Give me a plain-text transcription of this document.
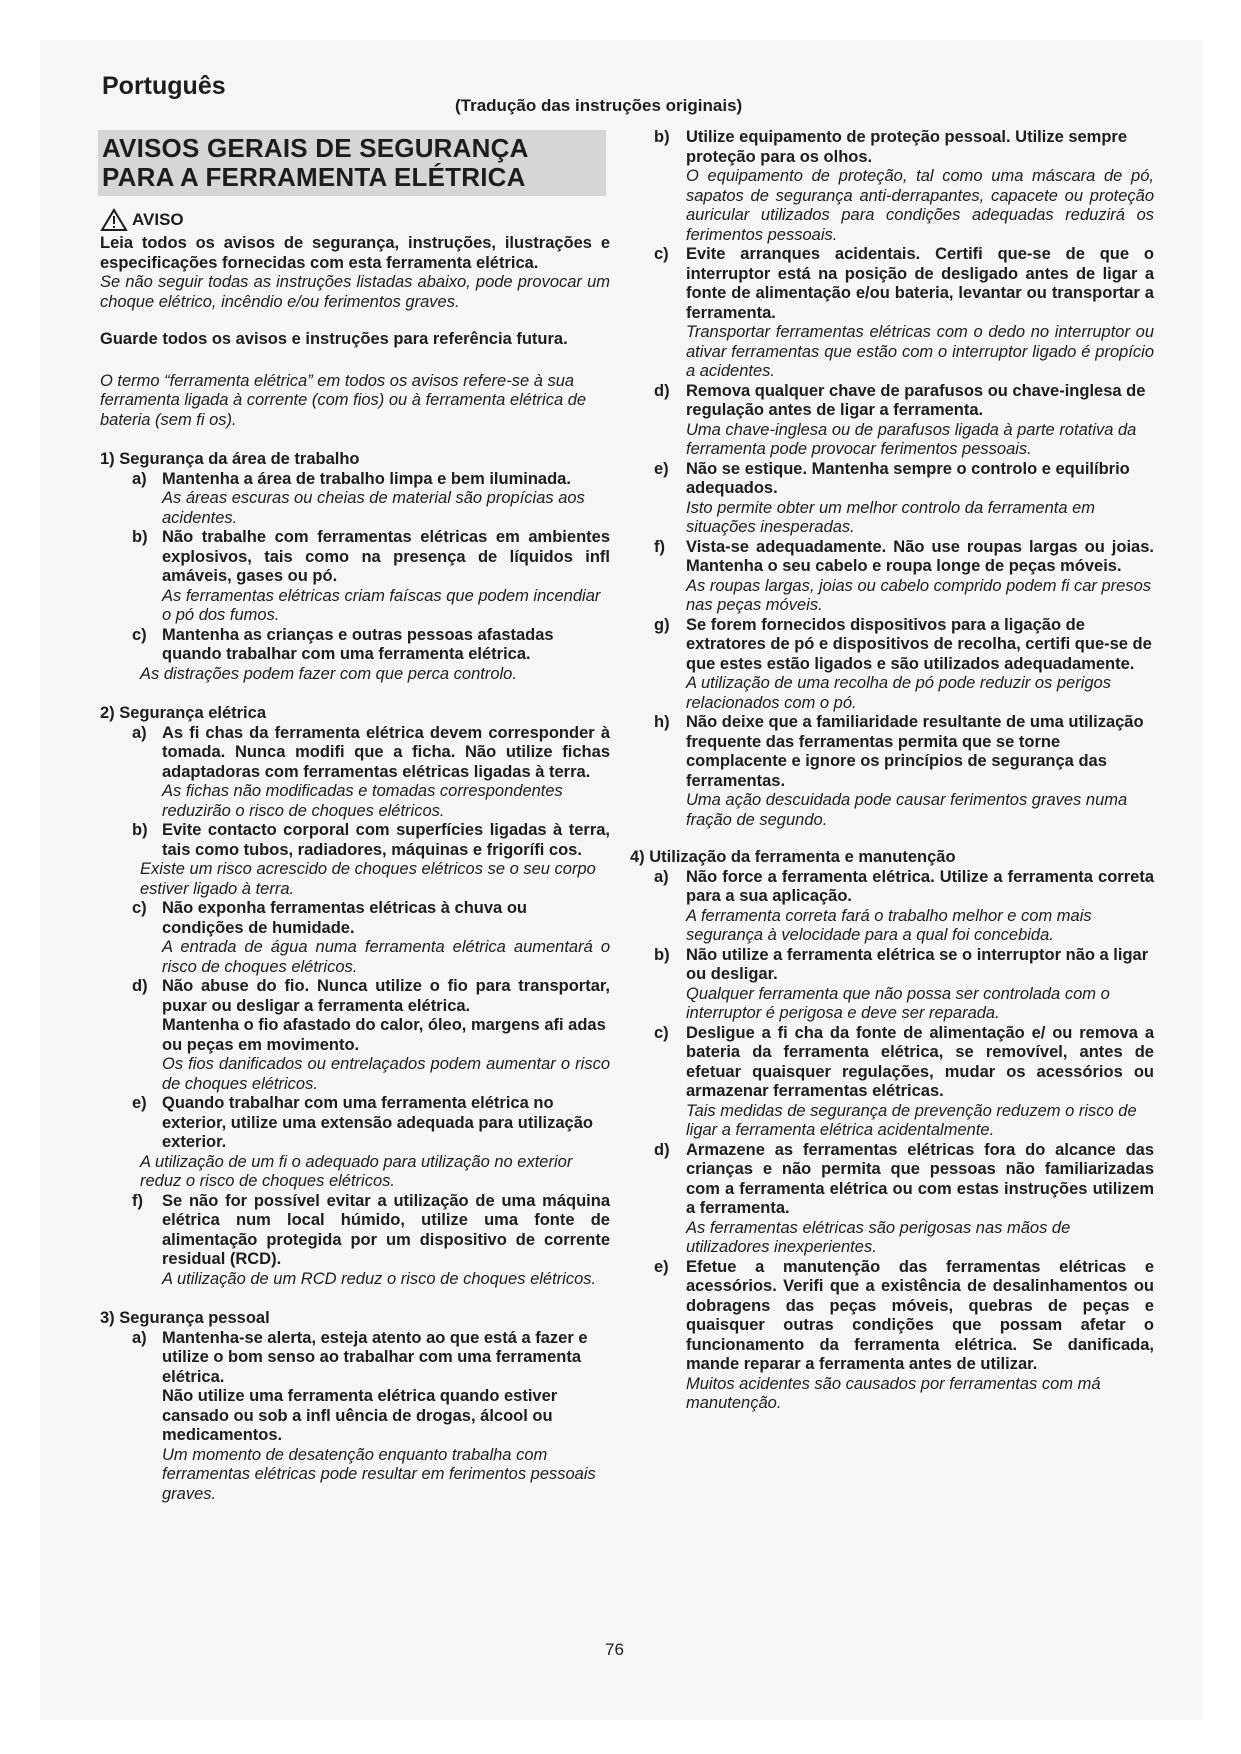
Português

(Tradução das instruções originais)

AVISOS GERAIS DE SEGURANÇA
PARA A FERRAMENTA ELÉTRICA
AVISO

Leia todos os avisos de segurança, instruções, ilustrações e especificações fornecidas com esta ferramenta elétrica.

Se não seguir todas as instruções listadas abaixo, pode provocar um choque elétrico, incêndio e/ou ferimentos graves.

Guarde todos os avisos e instruções para referência futura.

O termo “ferramenta elétrica” em todos os avisos refere-se à sua ferramenta ligada à corrente (com fios) ou à ferramenta elétrica de bateria (sem fi os).

1) Segurança da área de trabalho

a) Mantenha a área de trabalho limpa e bem iluminada.

As áreas escuras ou cheias de material são propícias aos acidentes.

b) Não trabalhe com ferramentas elétricas em ambientes explosivos, tais como na presença de líquidos infl amáveis, gases ou pó.

As ferramentas elétricas criam faíscas que podem incendiar o pó dos fumos.

c) Mantenha as crianças e outras pessoas afastadas quando trabalhar com uma ferramenta elétrica.

As distrações podem fazer com que perca controlo.

2) Segurança elétrica

a) As fi chas da ferramenta elétrica devem corresponder à tomada. Nunca modifi que a ficha. Não utilize fichas adaptadoras com ferramentas elétricas ligadas à terra.

As fichas não modificadas e tomadas correspondentes reduzirão o risco de choques elétricos.

b) Evite contacto corporal com superfícies ligadas à terra, tais como tubos, radiadores, máquinas e frigorífi cos.

Existe um risco acrescido de choques elétricos se o seu corpo estiver ligado à terra.

c) Não exponha ferramentas elétricas à chuva ou condições de humidade.

A entrada de água numa ferramenta elétrica aumentará o risco de choques elétricos.

d) Não abuse do fio. Nunca utilize o fio para transportar, puxar ou desligar a ferramenta elétrica.

Mantenha o fio afastado do calor, óleo, margens afi adas ou peças em movimento.

Os fios danificados ou entrelaçados podem aumentar o risco de choques elétricos.

e) Quando trabalhar com uma ferramenta elétrica no exterior, utilize uma extensão adequada para utilização exterior.

A utilização de um fi o adequado para utilização no exterior reduz o risco de choques elétricos.

f) Se não for possível evitar a utilização de uma máquina elétrica num local húmido, utilize uma fonte de alimentação protegida por um dispositivo de corrente residual (RCD).

A utilização de um RCD reduz o risco de choques elétricos.

3) Segurança pessoal

a) Mantenha-se alerta, esteja atento ao que está a fazer e utilize o bom senso ao trabalhar com uma ferramenta elétrica.

Não utilize uma ferramenta elétrica quando estiver cansado ou sob a infl uência de drogas, álcool ou medicamentos.

Um momento de desatenção enquanto trabalha com ferramentas elétricas pode resultar em ferimentos pessoais graves.

b) Utilize equipamento de proteção pessoal. Utilize sempre proteção para os olhos.

O equipamento de proteção, tal como uma máscara de pó, sapatos de segurança anti-derrapantes, capacete ou proteção auricular utilizados para condições adequadas reduzirá os ferimentos pessoais.

c) Evite arranques acidentais. Certifi que-se de que o interruptor está na posição de desligado antes de ligar a fonte de alimentação e/ou bateria, levantar ou transportar a ferramenta.

Transportar ferramentas elétricas com o dedo no interruptor ou ativar ferramentas que estão com o interruptor ligado é propício a acidentes.

d) Remova qualquer chave de parafusos ou chave-inglesa de regulação antes de ligar a ferramenta.

Uma chave-inglesa ou de parafusos ligada à parte rotativa da ferramenta pode provocar ferimentos pessoais.

e) Não se estique. Mantenha sempre o controlo e equilíbrio adequados.

Isto permite obter um melhor controlo da ferramenta em situações inesperadas.

f) Vista-se adequadamente. Não use roupas largas ou joias. Mantenha o seu cabelo e roupa longe de peças móveis.

As roupas largas, joias ou cabelo comprido podem fi car presos nas peças móveis.

g) Se forem fornecidos dispositivos para a ligação de extratores de pó e dispositivos de recolha, certifi que-se de que estes estão ligados e são utilizados adequadamente.

A utilização de uma recolha de pó pode reduzir os perigos relacionados com o pó.

h) Não deixe que a familiaridade resultante de uma utilização frequente das ferramentas permita que se torne complacente e ignore os princípios de segurança das ferramentas.

Uma ação descuidada pode causar ferimentos graves numa fração de segundo.

4) Utilização da ferramenta e manutenção

a) Não force a ferramenta elétrica. Utilize a ferramenta correta para a sua aplicação.

A ferramenta correta fará o trabalho melhor e com mais segurança à velocidade para a qual foi concebida.

b) Não utilize a ferramenta elétrica se o interruptor não a ligar ou desligar.

Qualquer ferramenta que não possa ser controlada com o interruptor é perigosa e deve ser reparada.

c) Desligue a fi cha da fonte de alimentação e/ ou remova a bateria da ferramenta elétrica, se removível, antes de efetuar quaisquer regulações, mudar os acessórios ou armazenar ferramentas elétricas.

Tais medidas de segurança de prevenção reduzem o risco de ligar a ferramenta elétrica acidentalmente.

d) Armazene as ferramentas elétricas fora do alcance das crianças e não permita que pessoas não familiarizadas com a ferramenta elétrica ou com estas instruções utilizem a ferramenta.

As ferramentas elétricas são perigosas nas mãos de utilizadores inexperientes.

e) Efetue a manutenção das ferramentas elétricas e acessórios. Verifi que a existência de desalinhamentos ou dobragens das peças móveis, quebras de peças e quaisquer outras condições que possam afetar o funcionamento da ferramenta elétrica. Se danificada, mande reparar a ferramenta antes de utilizar.

Muitos acidentes são causados por ferramentas com má manutenção.

76
